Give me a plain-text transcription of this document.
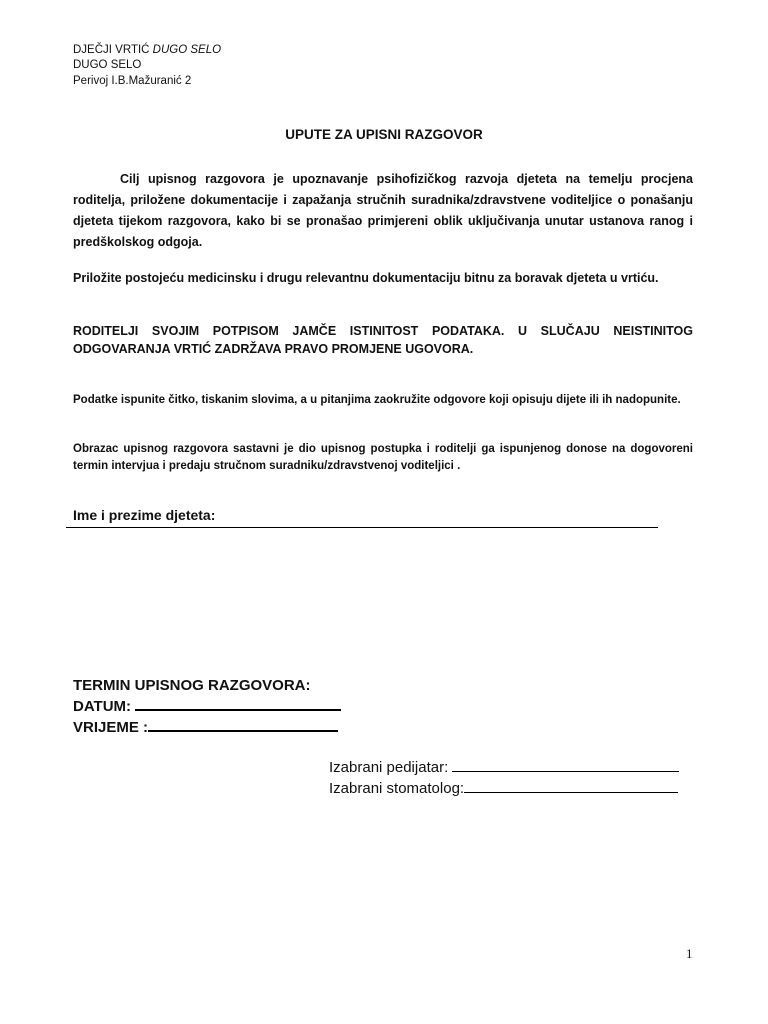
DJEČJI VRTIĆ DUGO SELO
DUGO SELO
Perivoj I.B.Mažuranić 2
UPUTE ZA UPISNI RAZGOVOR
Cilj upisnog razgovora je upoznavanje psihofizičkog razvoja djeteta na temelju procjena roditelja, priložene dokumentacije i zapažanja stručnih suradnika/zdravstvene voditeljice o ponašanju djeteta tijekom razgovora, kako bi se pronašao primjereni oblik uključivanja unutar ustanova ranog i predškolskog odgoja.
Priložite postojeću medicinsku i drugu relevantnu dokumentaciju bitnu za boravak djeteta u vrtiću.
RODITELJI SVOJIM POTPISOM JAMČE ISTINITOST PODATAKA. U SLUČAJU NEISTINITOG ODGOVARANJA VRTIĆ ZADRŽAVA PRAVO PROMJENE UGOVORA.
Podatke ispunite čitko, tiskanim slovima, a u pitanjima zaokružite odgovore koji opisuju dijete ili ih nadopunite.
Obrazac upisnog razgovora sastavni je dio upisnog postupka i roditelji ga ispunjenog donose na dogovoreni termin intervjua i predaju stručnom suradniku/zdravstvenoj voditeljici .
Ime i prezime djeteta:
TERMIN UPISNOG RAZGOVORA:
DATUM:
VRIJEME :
Izabrani pedijatar:
Izabrani stomatolog:
1
